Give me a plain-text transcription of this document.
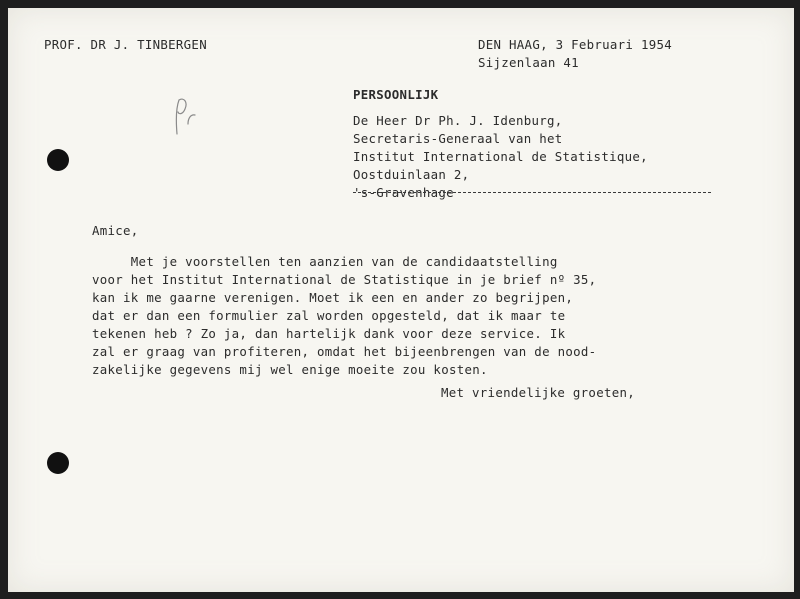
PROF. DR J. TINBERGEN	DEN HAAG, 3 Februari 1954
Sijzenlaan 41
PERSOONLIJK
De Heer Dr Ph. J. Idenburg,
Secretaris-Generaal van het
Institut International de Statistique,
Oostduinlaan 2,
's-Gravenhage
Amice,
Met je voorstellen ten aanzien van de candidaatstelling
voor het Institut International de Statistique in je brief nº 35,
kan ik me gaarne verenigen. Moet ik een en ander zo begrijpen,
dat er dan een formulier zal worden opgesteld, dat ik maar te
tekenen heb ? Zo ja, dan hartelijk dank voor deze service. Ik
zal er graag van profiteren, omdat het bijeenbrengen van de nood-
zakelijke gegevens mij wel enige moeite zou kosten.
Met vriendelijke groeten,
